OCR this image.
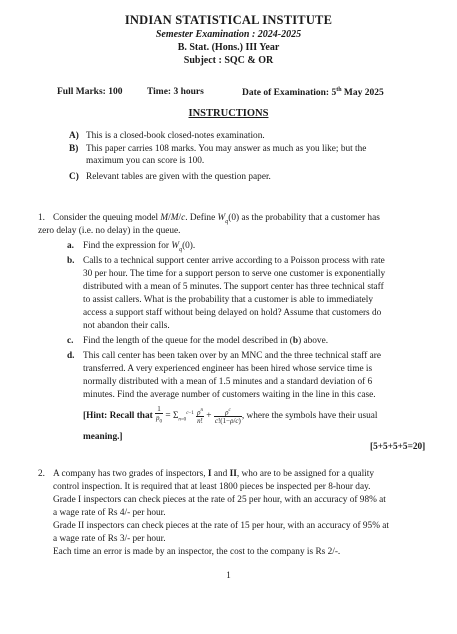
INDIAN STATISTICAL INSTITUTE
Semester Examination : 2024-2025
B. Stat. (Hons.) III Year
Subject : SQC & OR
Full Marks: 100	Time: 3 hours	Date of Examination: 5th May 2025
INSTRUCTIONS
A) This is a closed-book closed-notes examination.
B) This paper carries 108 marks. You may answer as much as you like; but the
maximum you can score is 100.
C) Relevant tables are given with the question paper.
1. Consider the queuing model M/M/c. Define $W_q(0)$ as the probability that a customer has
zero delay (i.e. no delay) in the queue.
a. Find the expression for $W_q(0)$.
b. Calls to a technical support center arrive according to a Poisson process with rate
30 per hour. The time for a support person to serve one customer is exponentially
distributed with a mean of 5 minutes. The support center has three technical staff
to assist callers. What is the probability that a customer is able to immediately
access a support staff without being delayed on hold? Assume that customers do
not abandon their calls.
c. Find the length of the queue for the model described in (b) above.
d. This call center has been taken over by an MNC and the three technical staff are
transferred. A very experienced engineer has been hired whose service time is
normally distributed with a mean of 1.5 minutes and a standard deviation of 6
minutes. Find the average number of customers waiting in the line in this case.
[Hint: Recall that $\frac{1}{p_0} = \Sigma_{n=0}^{c-1} \frac{\rho^n}{n!} + \frac{\rho^c}{c!(1-\rho/c)}$ , where the symbols have their usual
meaning.]
[5+5+5+5=20]
2. A company has two grades of inspectors, I and II, who are to be assigned for a quality
control inspection. It is required that at least 1800 pieces be inspected per 8-hour day.
Grade I inspectors can check pieces at the rate of 25 per hour, with an accuracy of 98% at
a wage rate of Rs 4/- per hour.
Grade II inspectors can check pieces at the rate of 15 per hour, with an accuracy of 95% at
a wage rate of Rs 3/- per hour.
Each time an error is made by an inspector, the cost to the company is Rs 2/-.
1
